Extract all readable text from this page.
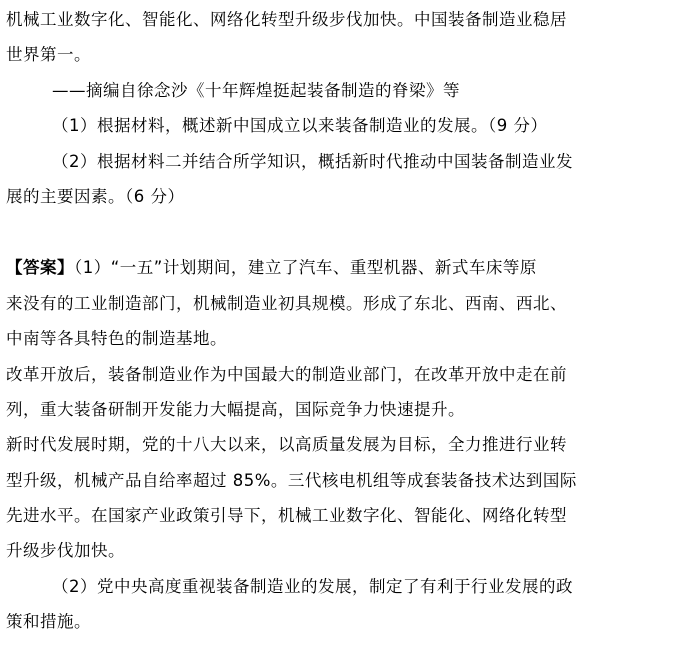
机械工业数字化、智能化、网络化转型升级步伐加快。中国装备制造业稳居
世界第一。
——摘编自徐念沙《十年辉煌挺起装备制造的脊梁》等
（1）根据材料，概述新中国成立以来装备制造业的发展。（9 分）
（2）根据材料二并结合所学知识，概括新时代推动中国装备制造业发
展的主要因素。（6 分）
【答案】（1）“一五”计划期间，建立了汽车、重型机器、新式车床等原
来没有的工业制造部门，机械制造业初具规模。形成了东北、西南、西北、
中南等各具特色的制造基地。
改革开放后，装备制造业作为中国最大的制造业部门，在改革开放中走在前
列，重大装备研制开发能力大幅提高，国际竞争力快速提升。
新时代发展时期，党的十八大以来，以高质量发展为目标，全力推进行业转
型升级，机械产品自给率超过 85%。三代核电机组等成套装备技术达到国际
先进水平。在国家产业政策引导下，机械工业数字化、智能化、网络化转型
升级步伐加快。
（2）党中央高度重视装备制造业的发展，制定了有利于行业发展的政
策和措施。
